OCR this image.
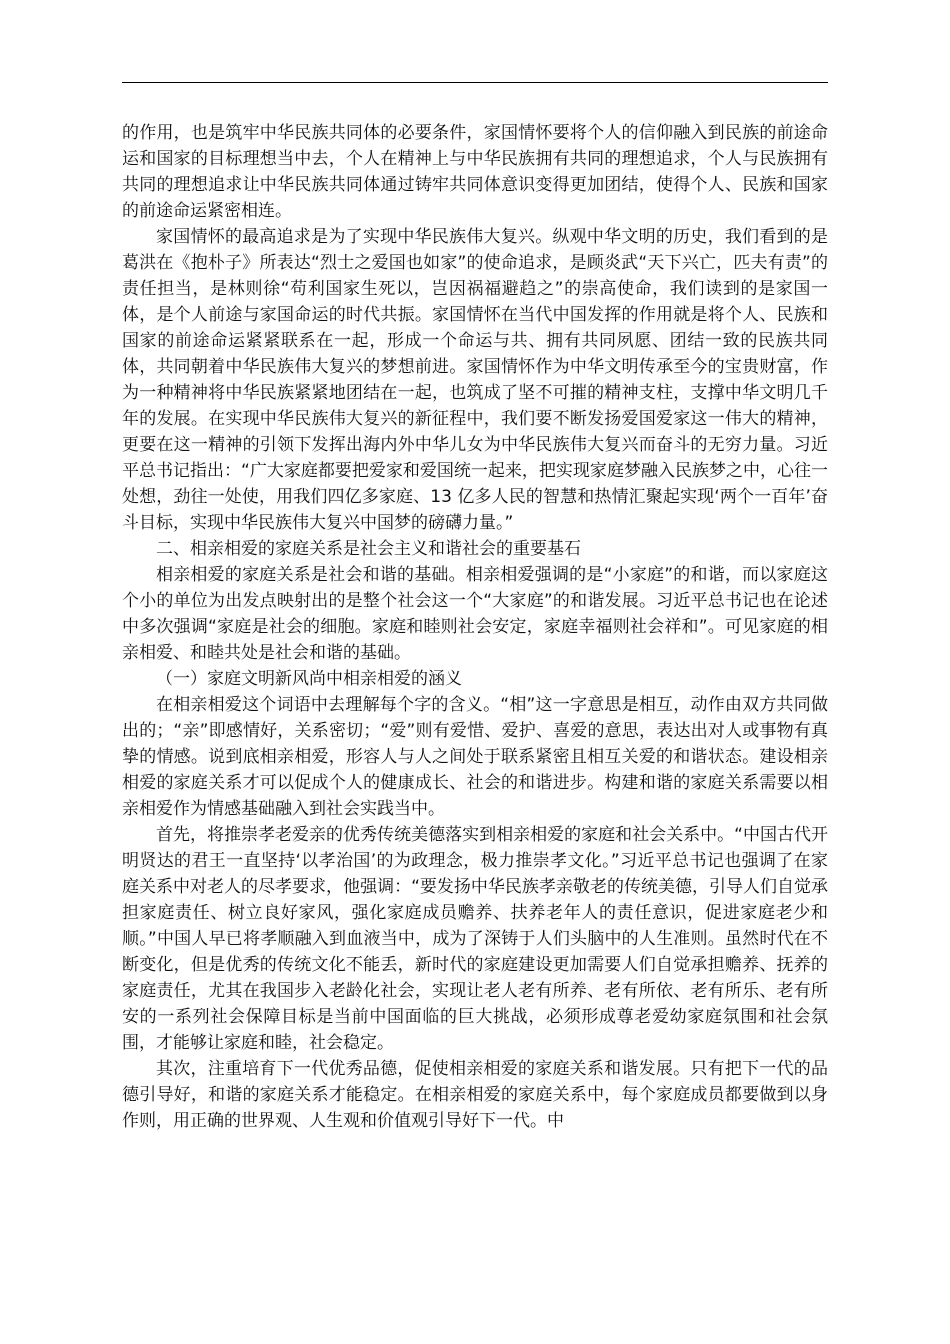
的作用，也是筑牢中华民族共同体的必要条件，家国情怀要将个人的信仰融入到民族的前途命运和国家的目标理想当中去，个人在精神上与中华民族拥有共同的理想追求，个人与民族拥有共同的理想追求让中华民族共同体通过铸牢共同体意识变得更加团结，使得个人、民族和国家的前途命运紧密相连。

家国情怀的最高追求是为了实现中华民族伟大复兴。纵观中华文明的历史，我们看到的是葛洪在《抱朴子》所表达“烈士之爱国也如家”的使命追求，是顾炎武“天下兴亡，匹夫有责”的责任担当，是林则徐“苟利国家生死以，岂因祸福避趋之”的崇高使命，我们读到的是家国一体，是个人前途与家国命运的时代共振。家国情怀在当代中国发挥的作用就是将个人、民族和国家的前途命运紧紧联系在一起，形成一个命运与共、拥有共同夙愿、团结一致的民族共同体，共同朝着中华民族伟大复兴的梦想前进。家国情怀作为中华文明传承至今的宝贵财富，作为一种精神将中华民族紧紧地团结在一起，也筑成了坚不可摧的精神支柱，支撑中华文明几千年的发展。在实现中华民族伟大复兴的新征程中，我们要不断发扬爱国爱家这一伟大的精神，更要在这一精神的引领下发挥出海内外中华儿女为中华民族伟大复兴而奋斗的无穷力量。习近平总书记指出：“广大家庭都要把爱家和爱国统一起来，把实现家庭梦融入民族梦之中，心往一处想，劲往一处使，用我们四亿多家庭、13 亿多人民的智慧和热情汇聚起实现‘两个一百年’奋斗目标，实现中华民族伟大复兴中国梦的磅礴力量。”

二、相亲相爱的家庭关系是社会主义和谐社会的重要基石

相亲相爱的家庭关系是社会和谐的基础。相亲相爱强调的是“小家庭”的和谐，而以家庭这个小的单位为出发点映射出的是整个社会这一个“大家庭”的和谐发展。习近平总书记也在论述中多次强调“家庭是社会的细胞。家庭和睦则社会安定，家庭幸福则社会祥和”。可见家庭的相亲相爱、和睦共处是社会和谐的基础。

（一）家庭文明新风尚中相亲相爱的涵义

在相亲相爱这个词语中去理解每个字的含义。“相”这一字意思是相互，动作由双方共同做出的；“亲”即感情好，关系密切；“爱”则有爱惜、爱护、喜爱的意思，表达出对人或事物有真挚的情感。说到底相亲相爱，形容人与人之间处于联系紧密且相互关爱的和谐状态。建设相亲相爱的家庭关系才可以促成个人的健康成长、社会的和谐进步。构建和谐的家庭关系需要以相亲相爱作为情感基础融入到社会实践当中。

首先，将推崇孝老爱亲的优秀传统美德落实到相亲相爱的家庭和社会关系中。“中国古代开明贤达的君王一直坚持‘以孝治国’的为政理念，极力推崇孝文化。”习近平总书记也强调了在家庭关系中对老人的尽孝要求，他强调：“要发扬中华民族孝亲敬老的传统美德，引导人们自觉承担家庭责任、树立良好家风，强化家庭成员赡养、扶养老年人的责任意识，促进家庭老少和顺。”中国人早已将孝顺融入到血液当中，成为了深铸于人们头脑中的人生准则。虽然时代在不断变化，但是优秀的传统文化不能丢，新时代的家庭建设更加需要人们自觉承担赡养、抚养的家庭责任，尤其在我国步入老龄化社会，实现让老人老有所养、老有所依、老有所乐、老有所安的一系列社会保障目标是当前中国面临的巨大挑战，必须形成尊老爱幼家庭氛围和社会氛围，才能够让家庭和睦，社会稳定。

其次，注重培育下一代优秀品德，促使相亲相爱的家庭关系和谐发展。只有把下一代的品德引导好，和谐的家庭关系才能稳定。在相亲相爱的家庭关系中，每个家庭成员都要做到以身作则，用正确的世界观、人生观和价值观引导好下一代。中
